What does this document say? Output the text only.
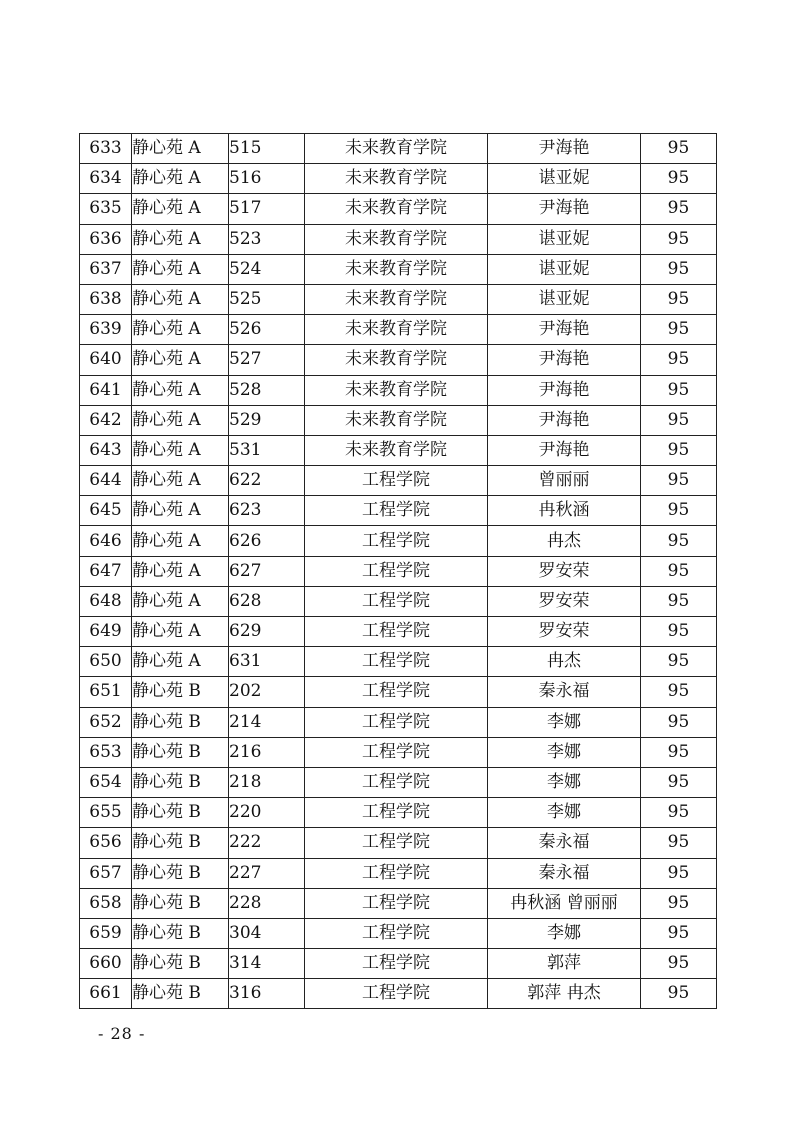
633	静心苑 A	515	未来教育学院	尹海艳	95
634	静心苑 A	516	未来教育学院	谌亚妮	95
635	静心苑 A	517	未来教育学院	尹海艳	95
636	静心苑 A	523	未来教育学院	谌亚妮	95
637	静心苑 A	524	未来教育学院	谌亚妮	95
638	静心苑 A	525	未来教育学院	谌亚妮	95
639	静心苑 A	526	未来教育学院	尹海艳	95
640	静心苑 A	527	未来教育学院	尹海艳	95
641	静心苑 A	528	未来教育学院	尹海艳	95
642	静心苑 A	529	未来教育学院	尹海艳	95
643	静心苑 A	531	未来教育学院	尹海艳	95
644	静心苑 A	622	工程学院	曾丽丽	95
645	静心苑 A	623	工程学院	冉秋涵	95
646	静心苑 A	626	工程学院	冉杰	95
647	静心苑 A	627	工程学院	罗安荣	95
648	静心苑 A	628	工程学院	罗安荣	95
649	静心苑 A	629	工程学院	罗安荣	95
650	静心苑 A	631	工程学院	冉杰	95
651	静心苑 B	202	工程学院	秦永福	95
652	静心苑 B	214	工程学院	李娜	95
653	静心苑 B	216	工程学院	李娜	95
654	静心苑 B	218	工程学院	李娜	95
655	静心苑 B	220	工程学院	李娜	95
656	静心苑 B	222	工程学院	秦永福	95
657	静心苑 B	227	工程学院	秦永福	95
658	静心苑 B	228	工程学院	冉秋涵 曾丽丽	95
659	静心苑 B	304	工程学院	李娜	95
660	静心苑 B	314	工程学院	郭萍	95
661	静心苑 B	316	工程学院	郭萍 冉杰	95
- 28 -
